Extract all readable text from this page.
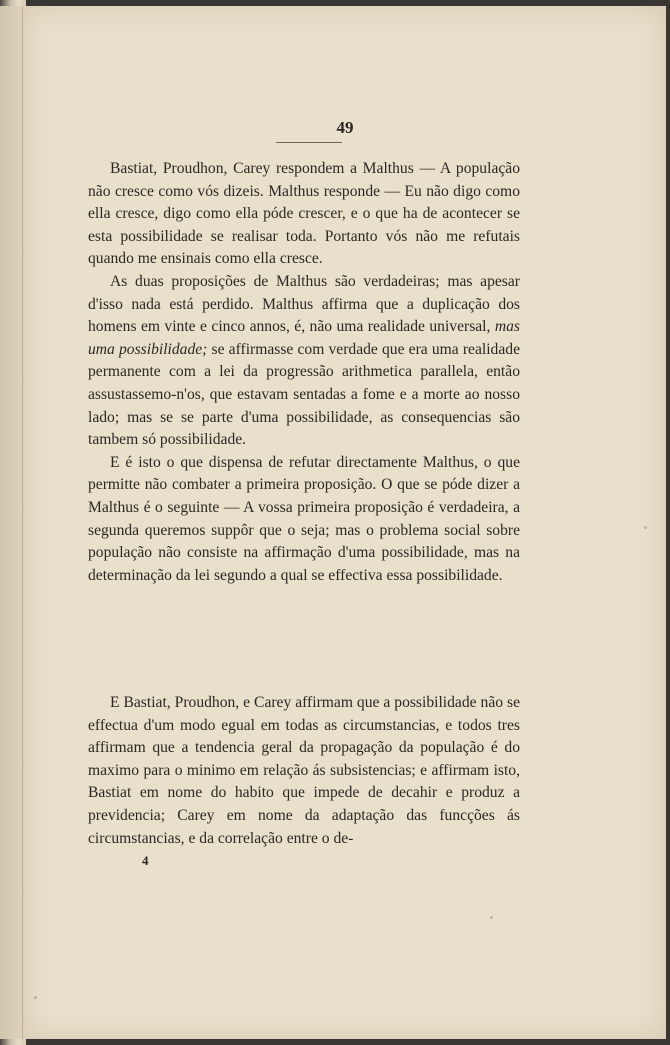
49

Bastiat, Proudhon, Carey respondem a Malthus — A população não cresce como vós dizeis. Malthus responde — Eu não digo como ella cresce, digo como ella póde crescer, e o que ha de acontecer se esta possibilidade se realisar toda. Portanto vós não me refutais quando me ensinais como ella cresce.

As duas proposições de Malthus são verdadeiras; mas apesar d'isso nada está perdido. Malthus affirma que a duplicação dos homens em vinte e cinco annos, é, não uma realidade universal, mas uma possibilidade; se affirmasse com verdade que era uma realidade permanente com a lei da progressão arithmetica parallela, então assustassemo-n'os, que estavam sentadas a fome e a morte ao nosso lado; mas se se parte d'uma possibilidade, as consequencias são tambem só possibilidade.

E é isto o que dispensa de refutar directamente Malthus, o que permitte não combater a primeira proposição. O que se póde dizer a Malthus é o seguinte — A vossa primeira proposição é verdadeira, a segunda queremos suppôr que o seja; mas o problema social sobre população não consiste na affirmação d'uma possibilidade, mas na determinação da lei segundo a qual se effectiva essa possibilidade.

E Bastiat, Proudhon, e Carey affirmam que a possibilidade não se effectua d'um modo egual em todas as circumstancias, e todos tres affirmam que a tendencia geral da propagação da população é do maximo para o minimo em relação ás subsistencias; e affirmam isto, Bastiat em nome do habito que impede de decahir e produz a previdencia; Carey em nome da adaptação das funcções ás circumstancias, e da correlação entre o de-

4
